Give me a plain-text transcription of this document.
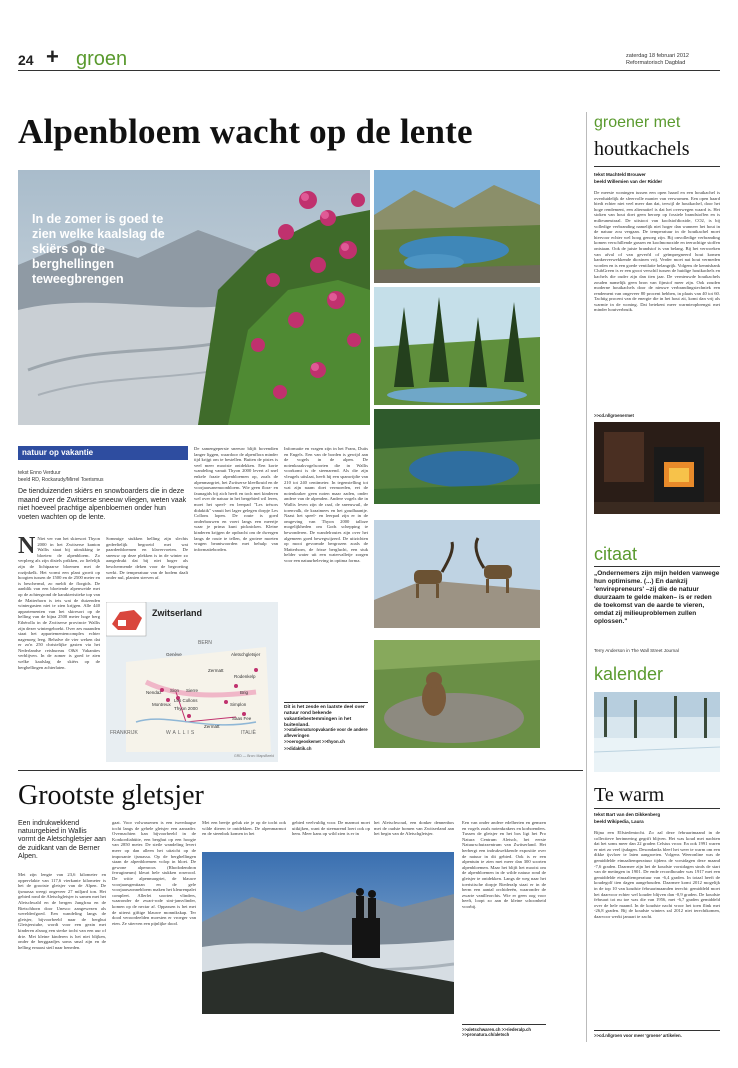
24 + groen	zaterdag 18 februari 2012
Reformatorisch Dagblad
Alpenbloem wacht op de lente
In de zomer is goed te zien welke kaalslag de skiërs op de berghellingen teweegbrengen
natuur op vakantie
tekst Enno Verduur
beeld RD, Rockarudy/Mirrel Toerismus
De tienduizenden skiërs en snowboarders die in deze maand over de Zwitserse sneeuw vliegen, weten vaak niet hoeveel prachtige alpenbloemen onder hun voeten wachten op de lente.
N Niet ver van het skiresort Thyon 2000 in het Zwitserse kanton Wallis staat bij uitrukking te bloeien: de alpenbloem. Zo verpleeg als zijn distels prikken, zo liefelijk zijn de lichtpaarse bloemen met de rozijnkelk. Het vormt een plant groeit op hoogten tussen de 1500 en de 2500 meter en is beschermd, zo meldt de florgids. De aanblik van een bloeiende alpenweide met op de achtergrond de karakteristieke top van de Matterhorn is iets wat de duizenden wintergasten niet te zien krijgen. Alle 440 appartementen van het skiresort op de helling van de bijna 2500 meter hoge berg Ethérolla in de Zwitserse provincie Wallis zijn dezer wintergeboekt. Over zes maanden staat het appartementencomplex echter nagenoeg leeg. Behalve de vier weken dat er zo'n 250 christelijke gasten via het Nederlandse reisbureau O&S Vakanties verblijven. In de zomer is goed te zien welke kaalslag de skiërs op de berghellingen achterlaten.
Sommige stukken helling zijn slechts gedeeltelijk begroeid met wat paardenbloemen en klavervoeten. De sneeuw op deze plekken is in de winter zo aangedrukt dat bij niet hoger als beschermende deken voor de begroeiing werkt. De temperatuur van de bodem daalt onder nul, planten sterven af.
De samengeperste sneeuw blijft bovendien langer liggen, waardoor de alpenflora minder tijd krijgt om te bestellen. Buiten de pistes is veel meer mooiste ontdekken. Een korte wandeling vanuit Thyon 2000 levert al snel enkele fraaie alpenbloemen op, zoals de alpenmargriet, het Zwitserse kleefkruid en de voorjaarsanemoonbloem. Wie geen flora- en faunagids bij zich heeft en toch met kinderen wel over de natuur in het bergebied wil leren, moet het speel- en leerpad "Les trésors didaktik" vanuit het lager gelegen dorpje Les Collons lopen. De route is goed onderbouwen en voert langs een meertje waar je prima kunt picknicken. Kleine kinderen krijgen de opdracht om de dwergen langs de route te tellen, de grotere moeten vragen beantwoorden met behulp van informatieborden.
Informatie en vragen zijn in het Frans, Duits en Engels. Een van de borden is gewijd aan de vogels in de alpen. De notenkraakvogelsoorten die in Wallis voorkomt is de steenarend. Als die zijn vleugels uitslaat, heeft hij een spanwijdte van 210 tot 240 centimeter. In tegenstelling tot wat zijn naam doet vermoeden, eet de notenkraker geen noten maar zaden, onder andere van de alpenden. Andere vogels die in Wallis leven zijn de raaf, de sneeuwuil, de torenvalk, de kraaimees en het goudhaantje. Naast het speel- en leerpad zijn er in de omgeving van Thyon 2000 talloze mogelijkheden om Gods schepping te bewonderen. De wandelroutes zijn over het algemeen goed bewegwijzerd. De uitzichten op mooi gevormde bergrozen zoals de Matterhorn, de frisse berglucht, een stuk helder water uit een watervalletje zorgen voor een natuurbeleving in optima forma.
Zwitserland
BERN
Genève	Aletschgletsjer
Rodenkelp
Zermatt
Montreux
Nendaz Sion
Les Collons
Thyon 2000
Brig
Simplon
Saas Fee
Zermatt
Sierre
FRANKRIJK	WALLIS	ITALIË
GRD — Bron: MapsBeeld
Dit is het zesde en laatste deel over natuur rond bekende vakantiebestemmingen in het buitenland.
>>ataliesnaturopvakantie voor de andere afleveringen
>>oerogeoskemet >>thyon.ch
>>didaktik.ch
Grootste gletsjer
Een indrukwekkend natuurgebied in Wallis vormt de Aletschgletsjer aan de zuidkant van de Berner Alpen.
Met zijn lengte van 23,6 kilometer en oppervlakte van 117,6 vierkante kilometer is het de grootste gletsjer van de Alpen. De ijsmassa weegt ongeveer 27 miljard ton. Het gebied rond de Aletschgletsjer is samen met het Aletschwald en de bergen Jungfrau en de Bietschhorn door Unesco aangewezen als werelderfgoed. Een wandeling langs de gletsjer, bijvoorbeeld naar de berghut Gletsjerstube, wordt voor een gezin met kinderen alsnog een sterke tocht van een uur of drie. Met kleine kinderen is het niet blijken, onder de berggaadjes soms smal zijn en de helling ernaast steil naar beneden.
gaat. Voor volwassenen is een tweedaagse tocht langs de gehele gletsjer een aanrader. Overnachten kan bijvoorbeeld in de Konkordiahütte, een berghut op een hoogte van 2850 meter. De steile wandeling levert meer op dan alleen het uitzicht op de imposante ijsmassa. Op de berghellingen staan de alpenbloemen volop in bloei. De gewone alpenroos (Rhododendron ferrugineum) kleurt hele stukken roserood. De witte alpenmargriet, de blauwe voorjaarsgentiaan en de gele voorjaarszonnebloem maken het kleurenpalet compleet. Allerlei soorten vlinders, waaronder de zwart-rode sint-jansvlinder, komen op de nectar af. Oppassen is het met de uiterst giftige blauwe monnikskap. Ter dood veroordeelden moesten er vroeger van eten. Ze stierven een pijnlijke dood.
Met een beetje geluk zie je op de tocht ook wilde dieren te ontdekken. De alpenmarmot en de steenbok komen in het
gebied veelvuldig voor. De marmot moet uitkijken, want de steenarend loert ook op hem. Meer kans op wild zien is er in
het Aletschwoud, een donker dennenbos met de oudste bomen van Zwitserland aan het begin van de Aletschgletsjer.
Een van onder andere edelherten en gemzen en vogels zoals notenkrakers en korhoenders. Tussen de gletsjer en het bos ligt het Pro Natura Centrum Aletsch, het eerste Natuurschutzzentrum van Zwitserland. Het herbergt een indrukwekkende expositie over de natuur in dit gebied. Ook is er een alpentuin te zien met meer dan 300 soorten alpenbloemen. Maar het blijft het mooist om de alpenbloemen in de wilde natuur rond de gletsjer te ontdekken. Langs de weg naar het toeristische dorpje Riederalp staat er in de berm een aantal orchideeën, waaronder de zwarte vanilleorchis. Wie er geen oog voor heeft, loopt zo aan de kleine schoonheid voorbij.
>>aletschwaren.ch >>riederalp.ch >>pronatura.ch/aletsch
groener met
houtkachels
tekst Machteld Brouwer
beeld Willemien van der Ridder
De meeste woningen tussen een open haard en een houtkachel is overduidelijk de sfeervolle manier van verwarmen. Een open haard biedt echter niet veel meer dan dat, terwijl de houtkachel, door het hoge rendement, een alternatief is dat het overwegen waard is. Het stoken van hout doet geen beroep op fossiele brandstoffen en is milieuneutraal. De uitstoot van koolstofdioxide, CO2, is bij volledige verbranding namelijk niet hoger dan wanneer het hout in de natuur zou vergaan. De temperatuur in de houtkachel moet hiervoor echter wel hoog genoeg zijn. Bij onvolledige verbranding komen verschillende gassen en koolmonoxide en teerachtige stoffen ontstaan. Ook de juiste brandstof is van belang. Bij het verwoeken van afval of van geverfd of geïmpregneerd hout komen kankerverwekkende dioxinen vrij. Verder moet nat hout vermeden worden en is een goede ventilatie belangrijk. Volgens de kennisbank ClubGreen is er een groot verschil tussen de huidige houtkachels en kachels die ouder zijn dan tien jaar. De vernieuwde houtkachels zouden namelijk geen bron van fijnstof meer zijn. Ook zouden moderne houtkachels door de nieuwe verbrandingstechniek een rendement van ongeveer 80 procent hebben, in plaats van 40 tot 60. Tachtig procent van de energie die in het hout zit, komt dan vrij als warmte in de woning. Dat betekent meer warmteopbrengst met minder houtverbruik.
>>cd.nl/groenermet
citaat
„Ondernemers zijn mijn helden vanwege hun optimisme. (...) En dankzij 'envirepreneurs' –zij die de natuur duurzaam te gelde maken– is er reden de toekomst van de aarde te vieren, omdat zij milieuproblemen zullen oplossen."
Terry Anderson in The Wall Street Journal
kalender
Te warm
tekst Bart van den Dikkenberg
beeld Wikipedia, Laura
Bijna een Elfstedentocht. Zo zal deze februarimaand in de collectieve herinnering gegrift blijven. Het was koud met nachten dat het soms meer dan 22 graden Celsius vroor. En ook 1991 waren er niet zo veel ijsdagen. Desondanks bleef het weer te warm om een dikke ijsvloer te laten aangroeien. Volgens Weeronline was de gemiddelde etmaaltemperatuur tijdens de vorstdagen deze maand -7,6 graden. Daarmee zijn het de koudste vorstdagen sinds de start van de metingen in 1901. De ende recordhouder was 1917 met een gemiddelde etmaaltemperatuur van -6,4 graden. In totaal heeft de koudegolf tien dagen aangehouden. Daarmee komt 2012 mogelijk in de top 10 van koudste februarimaanden terecht: gemiddeld moet het daarvoor echter wel kouder blijven dan -0,9 graden. De koudste februari tot nu toe was die van 1956, met -6,7 graden gemiddeld over de hele maand. In de koudste nacht vroor het toen flink met -26,8 graden. Bij de koudste winters zal 2012 niet terechtkomen, daarvoor werkt januari te zacht.
>>cd.nl/groen voor meer 'groene' artikelen.
